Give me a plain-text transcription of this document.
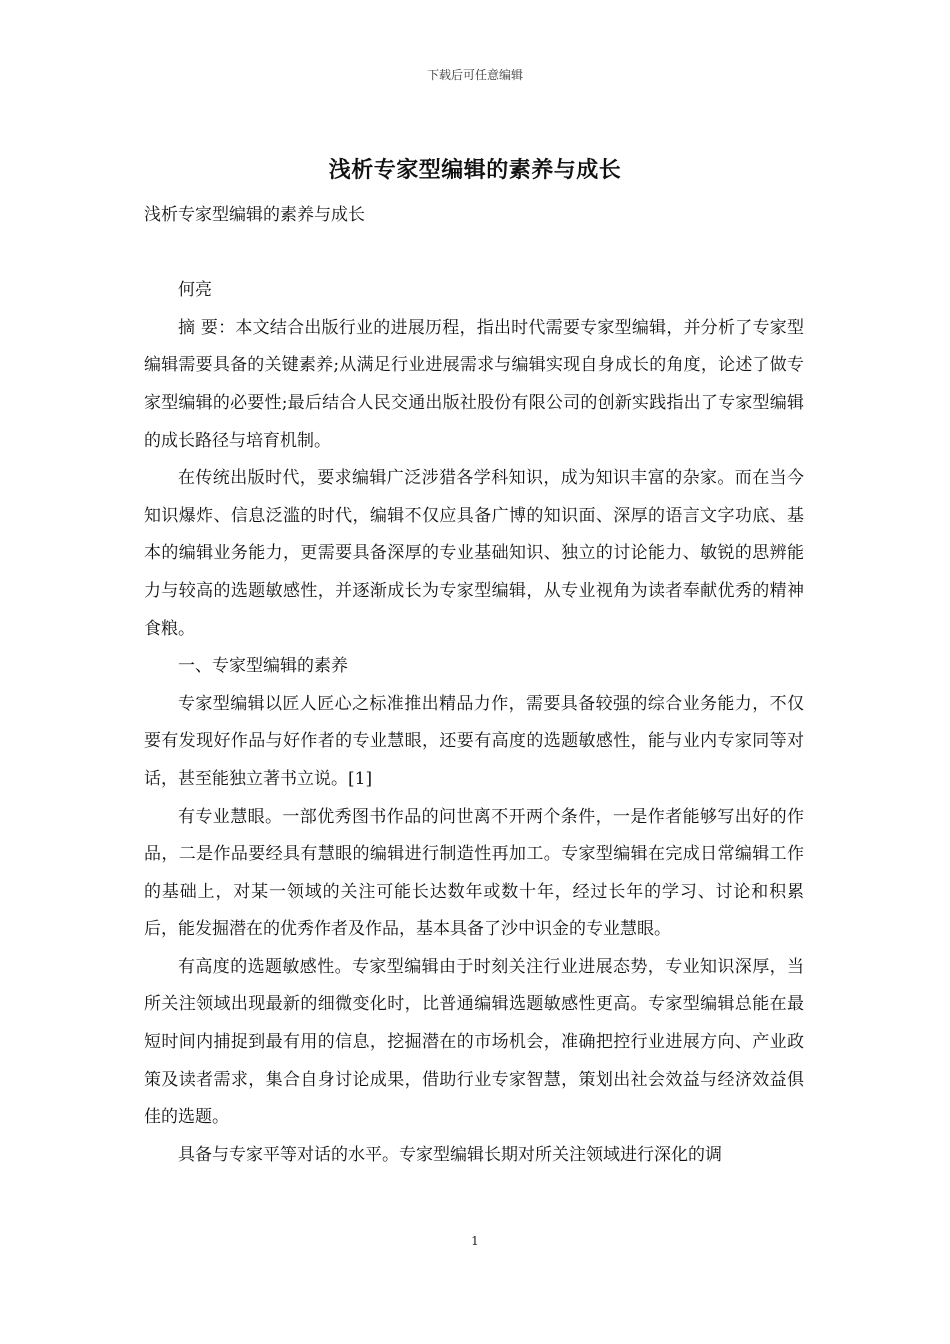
下载后可任意编辑
浅析专家型编辑的素养与成长

浅析专家型编辑的素养与成长

何亮

摘 要：本文结合出版行业的进展历程，指出时代需要专家型编辑，并分析了专家型编辑需要具备的关键素养;从满足行业进展需求与编辑实现自身成长的角度，论述了做专家型编辑的必要性;最后结合人民交通出版社股份有限公司的创新实践指出了专家型编辑的成长路径与培育机制。

在传统出版时代，要求编辑广泛涉猎各学科知识，成为知识丰富的杂家。而在当今知识爆炸、信息泛滥的时代，编辑不仅应具备广博的知识面、深厚的语言文字功底、基本的编辑业务能力，更需要具备深厚的专业基础知识、独立的讨论能力、敏锐的思辨能力与较高的选题敏感性，并逐渐成长为专家型编辑，从专业视角为读者奉献优秀的精神食粮。

一、专家型编辑的素养

专家型编辑以匠人匠心之标准推出精品力作，需要具备较强的综合业务能力，不仅要有发现好作品与好作者的专业慧眼，还要有高度的选题敏感性，能与业内专家同等对话，甚至能独立著书立说。[1]

有专业慧眼。一部优秀图书作品的问世离不开两个条件，一是作者能够写出好的作品，二是作品要经具有慧眼的编辑进行制造性再加工。专家型编辑在完成日常编辑工作的基础上，对某一领域的关注可能长达数年或数十年，经过长年的学习、讨论和积累后，能发掘潜在的优秀作者及作品，基本具备了沙中识金的专业慧眼。

有高度的选题敏感性。专家型编辑由于时刻关注行业进展态势，专业知识深厚，当所关注领域出现最新的细微变化时，比普通编辑选题敏感性更高。专家型编辑总能在最短时间内捕捉到最有用的信息，挖掘潜在的市场机会，准确把控行业进展方向、产业政策及读者需求，集合自身讨论成果，借助行业专家智慧，策划出社会效益与经济效益俱佳的选题。

具备与专家平等对话的水平。专家型编辑长期对所关注领域进行深化的调

1
